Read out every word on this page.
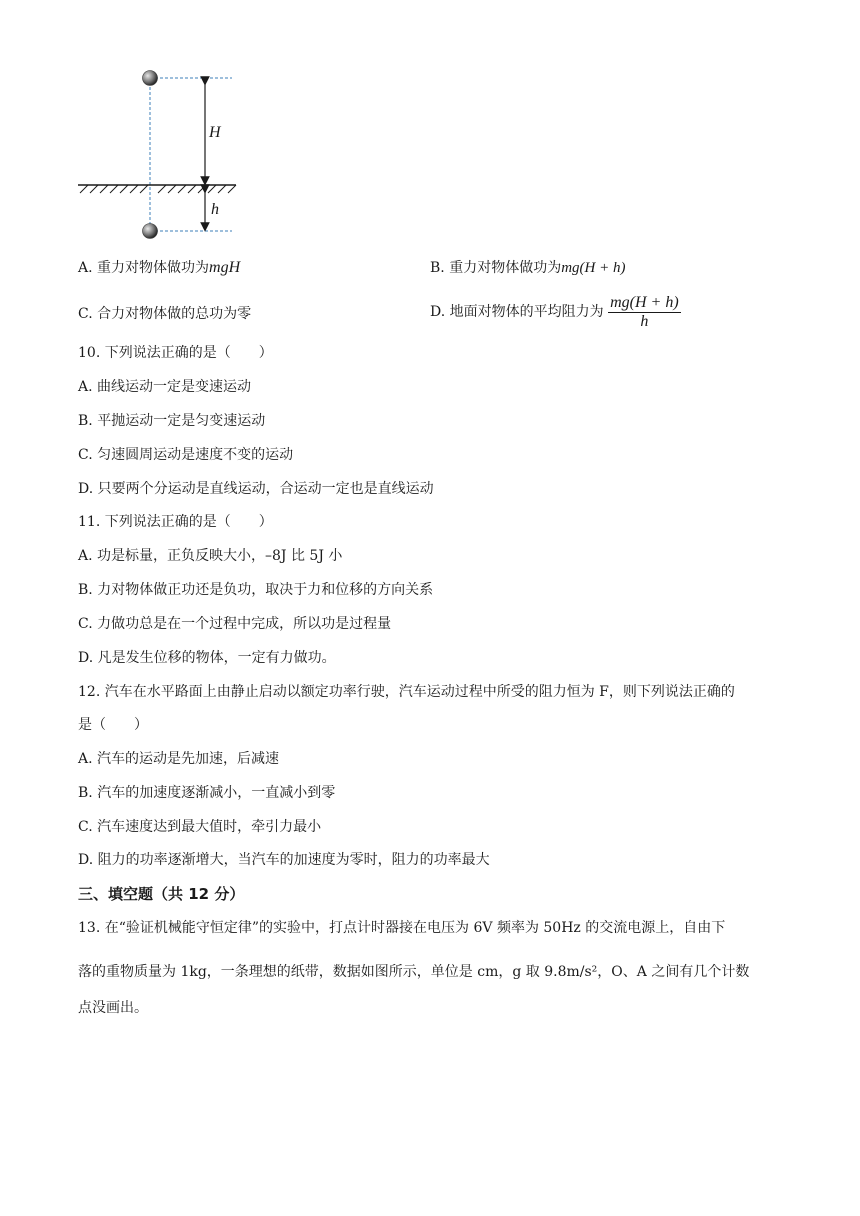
H
h
A. 重力对物体做功为mgH	B. 重力对物体做功为mg(H + h)
C. 合力对物体做的总功为零	D. 地面对物体的平均阻力为 $\frac{mg(H + h)}{h}$
10. 下列说法正确的是（　　）
A. 曲线运动一定是变速运动
B. 平抛运动一定是匀变速运动
C. 匀速圆周运动是速度不变的运动
D. 只要两个分运动是直线运动，合运动一定也是直线运动
11. 下列说法正确的是（　　）
A. 功是标量，正负反映大小，–8J 比 5J 小
B. 力对物体做正功还是负功，取决于力和位移的方向关系
C. 力做功总是在一个过程中完成，所以功是过程量
D. 凡是发生位移的物体，一定有力做功。
12. 汽车在水平路面上由静止启动以额定功率行驶，汽车运动过程中所受的阻力恒为 F，则下列说法正确的
是（　　）
A. 汽车的运动是先加速，后减速
B. 汽车的加速度逐渐减小，一直减小到零
C. 汽车速度达到最大值时，牵引力最小
D. 阻力的功率逐渐增大，当汽车的加速度为零时，阻力的功率最大
三、填空题（共 12 分）
13. 在“验证机械能守恒定律”的实验中，打点计时器接在电压为 6V 频率为 50Hz 的交流电源上，自由下
落的重物质量为 1kg，一条理想的纸带，数据如图所示，单位是 cm，g 取 9.8m/s²，O、A 之间有几个计数
点没画出。
